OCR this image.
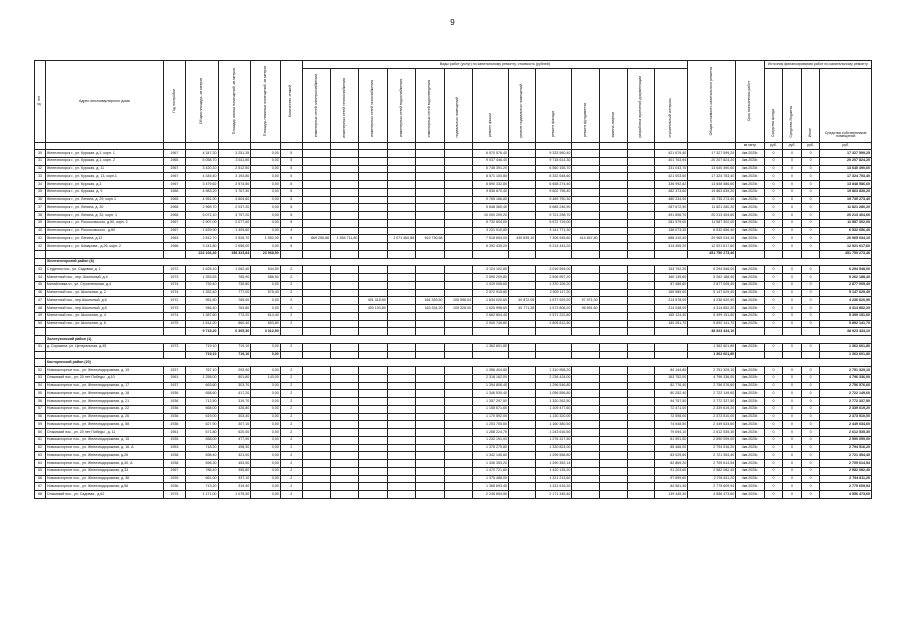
9
№ п/п	Адрес многоквартирного дома	Год постройки	Общая площадь, кв.метров	Площадь жилых помещений, кв.метров	Площадь нежилых помещений, кв.метров	Количество этажей	Виды работ (услуг) по капитальному ремонту, стоимость (рублей)													Общая стоимость капитального ремонта	Срок выполнения работ	Источник финансирования работ по капитальному ремонту			
							инженерных сетей электроснабжения	инженерных сетей теплоснабжения	инженерных сетей газоснабжения	инженерных сетей водоснабжения	инженерных сетей водоотведения	подвальных помещений	ремонт крыши	ремонт подвальных помещений	ремонт фасада	ремонт фундамента	замена лифтов	разработка проектной документации	строительный контроль			Средства фонда	Средства бюджета	Иные	Средства собственников помещений
																					кв.метр	руб.	руб.	руб.	руб.
30	Железногорск г., ул. Курская, д.1, корп. 1	1967	4 347,20	3 251,35	0,00	5							6 570 576,40		9 333 560,40				421 679,40	17 327 599,25	4кв.2025г.	0	0	0	17 327 599,25
31	Железногорск г., ул. Курская, д.1, корп. 2	1965	5 058,70	3 611,60	0,00	5							9 037 446,40		9 718 614,30				401 763,94	20 207 824,20	4кв.2025г.	0	0	0	20 207 824,20
32	Железногорск г., ул. Курская, д. 11	1967	3 420,10	2 512,50	0,00	5							6 746 391,20		6 560 155,70				331 043,70	13 640 490,60	4кв.2025г.	0	0	0	13 640 490,60
33	Железногорск г., ул. Курская, д. 13, корп.1	1967	4 345,40	3 193,80	0,00	5							8 571 100,80		8 332 648,60				421 003,60	17 324 753,40	4кв.2025г.	0	0	0	17 324 753,40
34	Железногорск г., ул. Курская, д.3	1967	3 479,62	2 574,50	0,00	5							6 890 332,80		6 658 274,40				336 992,82	13 848 586,60	4кв.2025г.	0	0	0	13 848 586,60
35	Железногорск г., ул. Курская, д. 9	1966	4 983,20	3 767,30	0,00	5							9 836 670,40		9 602 796,40				482 373,60	19 863 839,20	4кв.2025г.	0	0	0	19 863 839,20
36	Железногорск г., ул. Ленина, д. 29, корп.1	1965	4 951,90	3 604,60	0,00	5							9 765 166,80		9 489 790,30				480 234,90	19 735 273,40	4кв.2025г.	0	0	0	19 735 273,40
37	Железногорск г., ул. Ленина, д. 30	1966	2 965,70	2 037,20	0,00	5							5 848 360,40		5 685 246,90				287 672,90	11 821 280,20	4кв.2025г.	0	0	0	11 821 280,20
38	Железногорск г., ул. Ленина, д. 32, корп. 1	1966	5 071,10	3 757,20	0,00	5							10 000 209,20		9 721 298,70				491 896,70	20 213 404,60	4кв.2025г.	0	0	0	20 213 404,60
39	Железногорск г., ул. Рокоссовского, д.50, корп. 2	1967	2 907,00	2 077,60	0,00	5							5 732 604,00		5 572 719,00				281 979,00	11 587 302,00	4кв.2025г.	0	0	0	11 587 302,00
40	Железногорск г., ул. Рокоссовского , д.60	1967	1 639,90	1 409,60	0,00	4							3 231 910,80		3 141 771,30				158 073,30	6 532 656,40	4кв.2025г.	0	0	0	6 532 656,40
41	Железногорск г., ул. Ленина, д.12	1963	2 812,70	2 526,70	1 952,00	5	869 256,88	1 554 711,80		1 071 460,88	619 730,58		7 518 694,00	430 835,10	7 306 945,60	414 847,80			686 410,40	20 965 034,10	4кв.2025г.	0	0	0	20 965 034,10
42	Железногорск г., ул. Комарова , д.26, корп. 2	1966	3 241,80	2 656,00	0,00	5							6 392 435,20		6 214 443,20				314 455,20	12 921 617,60	4кв.2025г.	0	0	0	12 921 617,60
			222 106,40	158 323,84	23 968,50															451 750 273,46					451 750 273,46
	Железногорский район (8)																								
43	Студенок пос., ул. Садовая, д. 1	1972	1 625,10	1 062,40	544,50	2							3 124 102,80		3 016 594,00				153 792,20	6 294 548,00	4кв.2025г.	0	0	0	6 294 548,00
44	Магнитный пос., пер. Школьный, д.4	1973	1 353,63	765,90	586,50	2							2 595 209,80		2 506 957,20				160 135,60	5 262 188,40	4кв.2025г.	0	0	0	5 262 188,40
45	Михайловка ст., ул. Строительная, д.4	1974	739,40	735,80	0,00	2							1 419 008,60		1 370 106,20				87 488,80	2 877 005,40	4кв.2025г.	0	0	0	2 877 005,40
46	Магнитный пос., ул. Школьная, д. 2	1974	1 352,40	777,00	575,40	2							2 572 915,80		2 509 117,20				165 589,00	5 147 629,40	4кв.2025г.	0	0	0	5 147 629,40
47	Магнитный пос., пер.Школьный, д.6	1972	951,50	765,00	0,00	2			401 315,50		164 339,50	105 596,04	1 634 020,60	40 872,06	1 577 929,20	97 971,00			214 578,00	4 236 620,90	4кв.2025г.	0	0	0	4 236 620,90
48	Магнитный пос., пер.Школьный, д.8	1973	946,40	764,80	0,00	2			400 103,80		163 334,20	105 328,00	1 625 998,60	40 771,28	1 573 808,20	96 891,60			214 048,00	4 314 852,20	4кв.2025г.	0	0	0	4 314 852,20
49	Магнитный пос., ул. Школьная, д. 4	1974	1 387,60	773,20	614,40	2							2 662 804,40		2 571 222,80				165 124,40	5 399 151,60	4кв.2025г.	0	0	0	5 399 151,60
50	Магнитный пос., ул. Школьная, д. 6	1975	1 514,20	860,40	653,80	2							2 905 749,80		2 805 812,60				180 281,70	5 892 141,70	4кв.2025г.	0	0	0	5 892 141,70
			9 715,20	6 305,30	3 012,90															38 923 433,10					38 923 433,10
	Золотухинский район (1)																								
51	д. Сорокина, ул. Центральная, д.45	1973	719,10	719,10	0,00	2							1 362 601,80							1 362 601,80	4кв.2025г.	0	0	0	1 362 601,80
			719,10	719,10	0,00															1 362 601,80					1 362 601,80
	Касторенский район (20)																								
52	Новокасторное пос., ул. Железнодорожная, д. 19	1937	767,10	293,90	0,00	2							1 356 404,80		1 310 958,20				84 144,80	2 751 329,10	4кв.2025г.	0	0	0	2 751 329,10
53	Олымский пос., ул. 20 лет Победы , д.10	1961	1 258,00	801,80	143,00	2							2 318 162,00		2 236 424,00				163 752,00	4 796 336,00	4кв.2025г.	0	0	0	4 796 336,00
54	Новокасторное пос., ул. Железнодорожная, д. 17	1937	663,60	303,70	0,00	2							1 394 806,40		1 296 546,80				82 776,40	2 756 576,60	4кв.2025г.	0	0	0	2 756 576,60
55	Новокасторное пос., ул. Железнодорожная, д. 18	1936	658,60	417,20	0,00	2							1 346 530,40		1 056 556,80				80 252,40	2 722 149,60	4кв.2025г.	0	0	0	2 722 149,60
56	Новокасторное пос., ул. Железнодорожная, д. 21	1936	712,50	319,70	0,00	2							1 357 297,50		1 320 262,50				94 757,50	2 772 337,50	4кв.2025г.	0	0	0	2 772 337,50
57	Новокасторное пос., ул. Железнодорожная, д. 22	1936	668,00	426,80	0,00	2							1 158 671,60		1 109 477,60				72 471,00	2 339 619,20	4кв.2025г.	0	0	0	2 339 619,20
58	Новокасторное пос., ул. Железнодорожная, д. 26	1936	619,00	303,40	0,00	2							1 170 592,00		1 130 320,00				72 598,00	2 373 510,00	4кв.2025г.	0	0	0	2 373 510,00
59	Новокасторное пос., ул. Железнодорожная, д. 58	1936	627,90	307,10	0,00	2							1 203 705,60		1 160 380,50				74 548,50	2 449 634,60	4кв.2025г.	0	0	0	2 449 634,60
60	Олымский пос., ул. 20 лет Победы , д. 11	1961	671,80	620,00	0,00	2							1 288 224,70		1 243 616,50				79 694,10	2 612 535,30	4кв.2025г.	0	0	0	2 612 535,30
61	Новокасторное пос., ул. Железнодорожная, д. 15	1935	658,00	477,90	0,00	2							1 232 191,00		1 276 317,50				81 591,50	2 590 099,00	4кв.2025г.	0	0	0	2 590 099,00
62	Новокасторное пос., ул. Железнодорожная, д. 16, А	1953	718,20	498,30	0,00	2							1 376 275,80		1 330 824,00				85 466,00	2 794 516,20	4кв.2025г.	0	0	0	2 794 516,20
63	Новокасторное пос., ул. Железнодорожная, д.26	1938	698,40	321,00	0,00	2							1 342 145,60		1 295 558,80				83 029,60	2 721 354,40	4кв.2025г.	0	0	0	2 721 354,40
64	Новокасторное пос., ул. Железнодорожная, д.30, А	1938	696,30	453,50	0,00	2							1 336 353,20		1 290 392,14				82 869,20	2 709 614,54	4кв.2025г.	0	0	0	2 709 614,54
65	Новокасторное пос., ул. Железнодорожная, д.33	1967	788,40	355,80	0,00	2							1 470 721,60		1 420 135,20				91 203,60	2 982 082,40	4кв.2025г.	0	0	0	2 982 082,40
66	Новокасторное пос., ул. Железнодорожная, д. 36	1925	661,00	337,10	0,00	2							1 375 488,00		1 321 213,60				97 699,60	2 794 811,20	4кв.2025г.	0	0	0	2 794 811,20
67	Новокасторное пос., ул. Железнодорожная, д.56	1936	713,20	319,40	0,00	2							1 368 693,40		1 331 615,20				84 581,45	2 775 609,94	4кв.2025г.	0	0	0	2 775 609,94
68	Олымский пос., ул. Садовая , д.62	1975	1 171,00	1 075,40	0,00	2							2 246 694,50		2 171 345,40				139 445,30	4 556 473,60	4кв.2025г.	0	0	0	4 556 473,60
